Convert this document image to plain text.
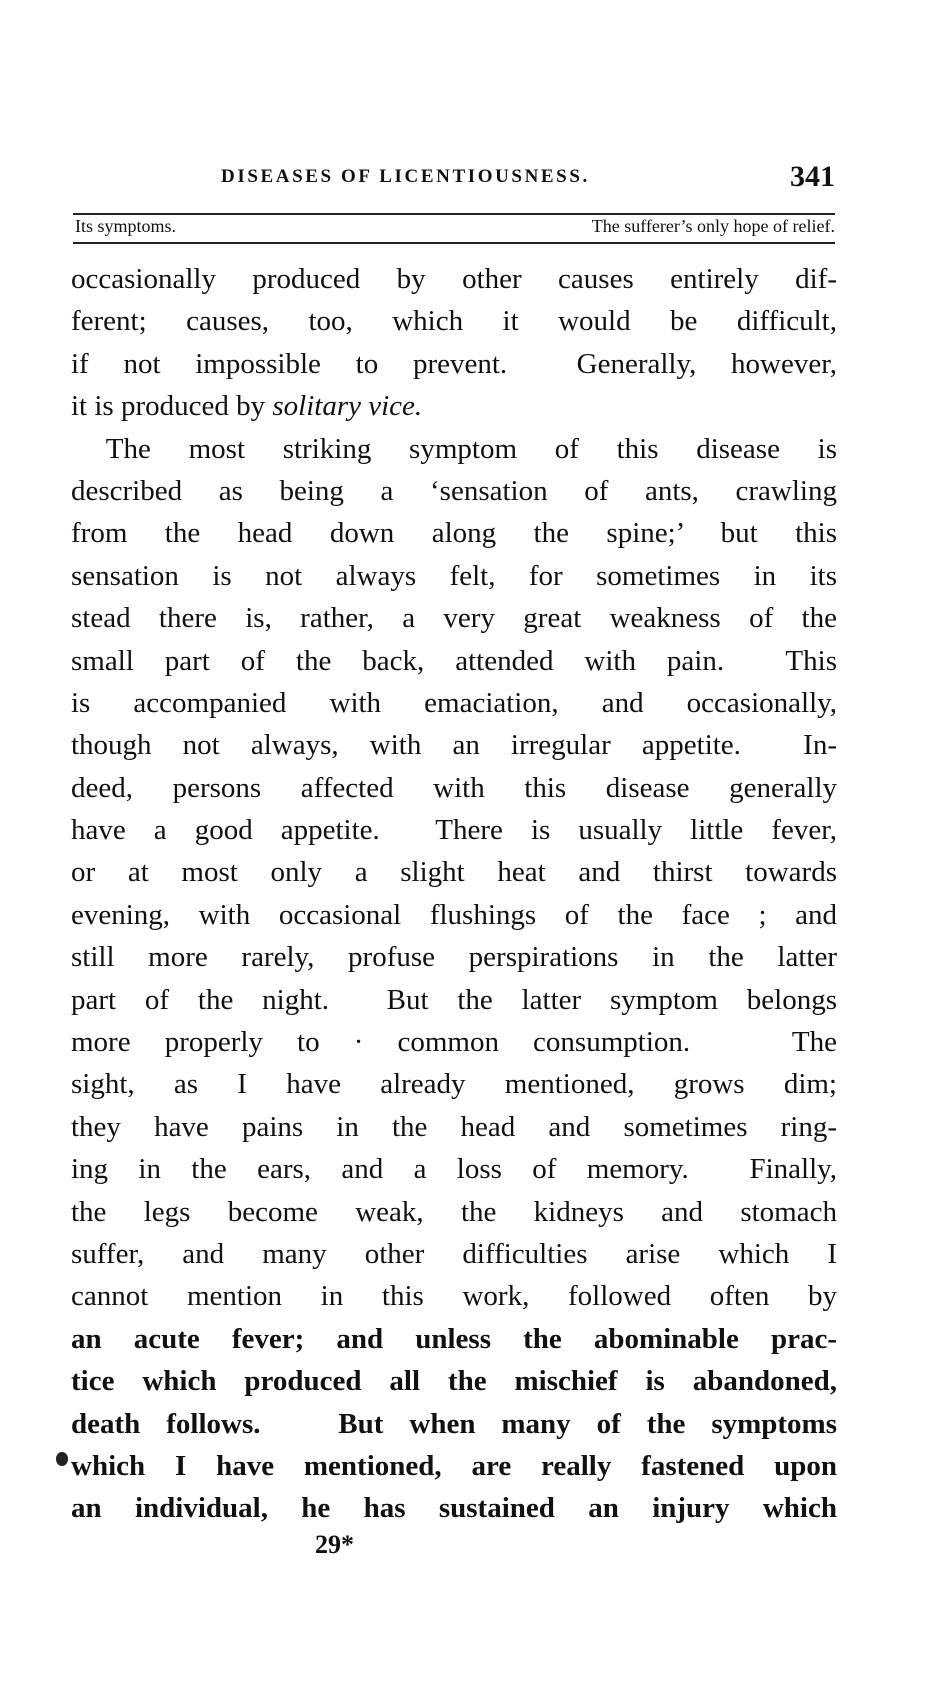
DISEASES OF LICENTIOUSNESS.	341
Its symptoms.	The sufferer’s only hope of relief.
occasionally produced by other causes entirely dif-
ferent; causes, too, which it would be difficult,
if not impossible to prevent.  Generally, however,
it is produced by solitary vice.
The most striking symptom of this disease is
described as being a ‘sensation of ants, crawling
from the head down along the spine;’ but this
sensation is not always felt, for sometimes in its
stead there is, rather, a very great weakness of the
small part of the back, attended with pain.  This
is accompanied with emaciation, and occasionally,
though not always, with an irregular appetite.  In-
deed, persons affected with this disease generally
have a good appetite.  There is usually little fever,
or at most only a slight heat and thirst towards
evening, with occasional flushings of the face ; and
still more rarely, profuse perspirations in the latter
part of the night.  But the latter symptom belongs
more properly to · common consumption.   The
sight, as I have already mentioned, grows dim;
they have pains in the head and sometimes ring-
ing in the ears, and a loss of memory.  Finally,
the legs become weak, the kidneys and stomach
suffer, and many other difficulties arise which I
cannot mention in this work, followed often by
an acute fever; and unless the abominable prac-
tice which produced all the mischief is abandoned,
death follows.   But when many of the symptoms
which I have mentioned, are really fastened upon
an individual, he has sustained an injury which
29*
